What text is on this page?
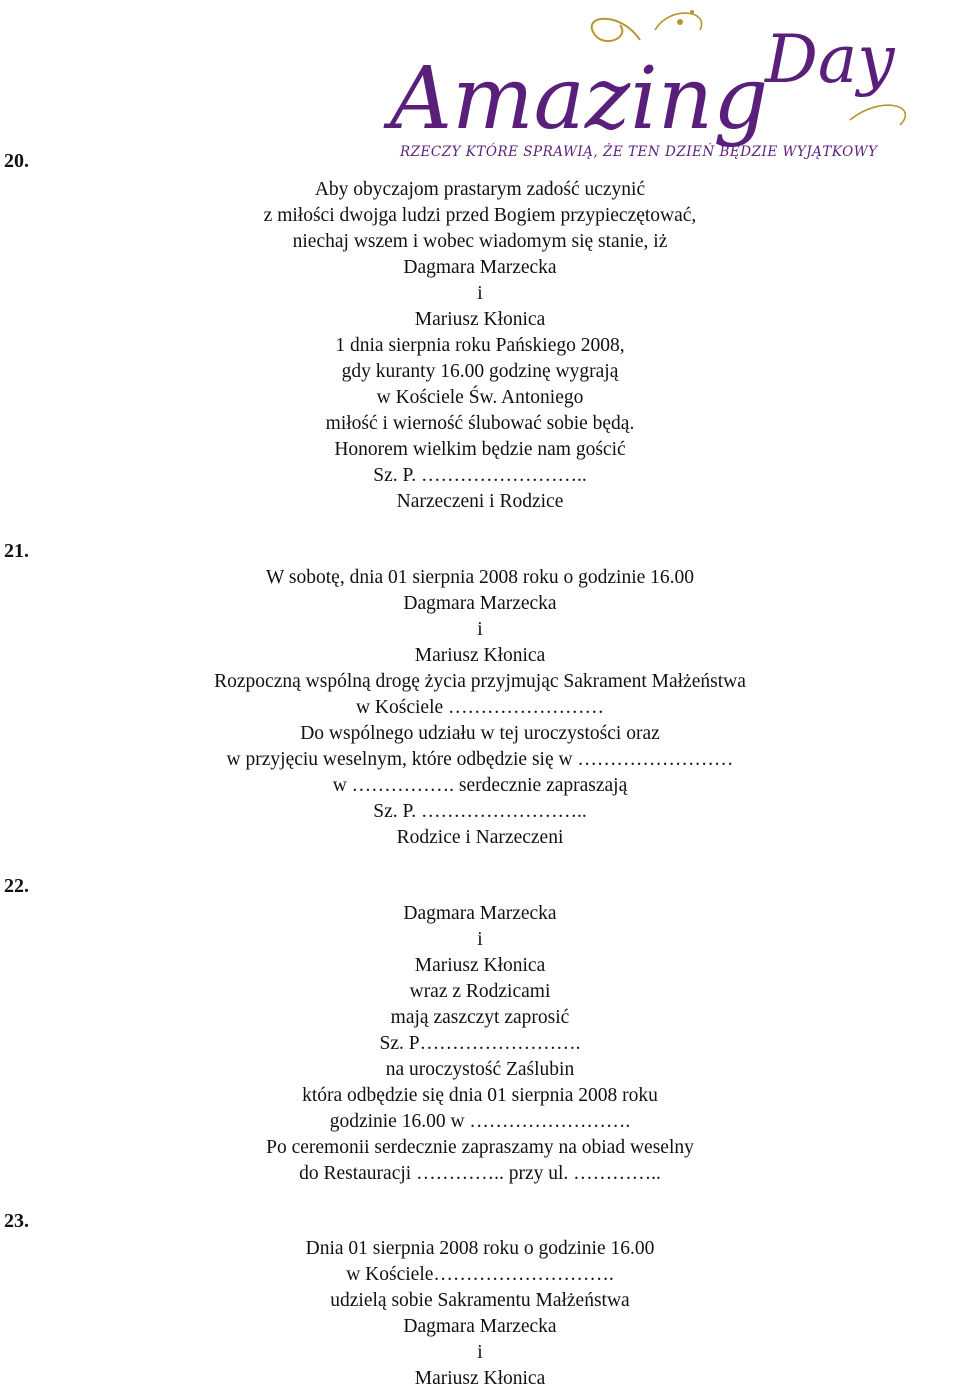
Amazing
Day
RZECZY KTÓRE SPRAWIĄ, ŻE TEN DZIEŃ BĘDZIE WYJĄTKOWY
20.
Aby obyczajom prastarym zadość uczynić
z miłości dwojga ludzi przed Bogiem przypieczętować,
niechaj wszem i wobec wiadomym się stanie, iż
Dagmara Marzecka
i
Mariusz Kłonica
1 dnia sierpnia roku Pańskiego 2008,
gdy kuranty 16.00 godzinę wygrają
w Kościele Św. Antoniego
miłość i wierność ślubować sobie będą.
Honorem wielkim będzie nam gościć
Sz. P. ……………………..
Narzeczeni i Rodzice
21.
W sobotę, dnia 01 sierpnia 2008 roku o godzinie 16.00
Dagmara Marzecka
i
Mariusz Kłonica
Rozpoczną wspólną drogę życia przyjmując Sakrament Małżeństwa
w Kościele ……………………
Do wspólnego udziału w tej uroczystości oraz
w przyjęciu weselnym, które odbędzie się w ……………………
w ……………. serdecznie zapraszają
Sz. P. ……………………..
Rodzice i Narzeczeni
22.
Dagmara Marzecka
i
Mariusz Kłonica
wraz z Rodzicami
mają zaszczyt zaprosić
Sz. P…………………….
na uroczystość Zaślubin
która odbędzie się dnia 01 sierpnia 2008 roku
godzinie 16.00 w …………………….
Po ceremonii serdecznie zapraszamy na obiad weselny
do Restauracji ………….. przy ul. …………..
23.
Dnia 01 sierpnia 2008 roku o godzinie 16.00
w Kościele……………………….
udzielą sobie Sakramentu Małżeństwa
Dagmara Marzecka
i
Mariusz Kłonica
